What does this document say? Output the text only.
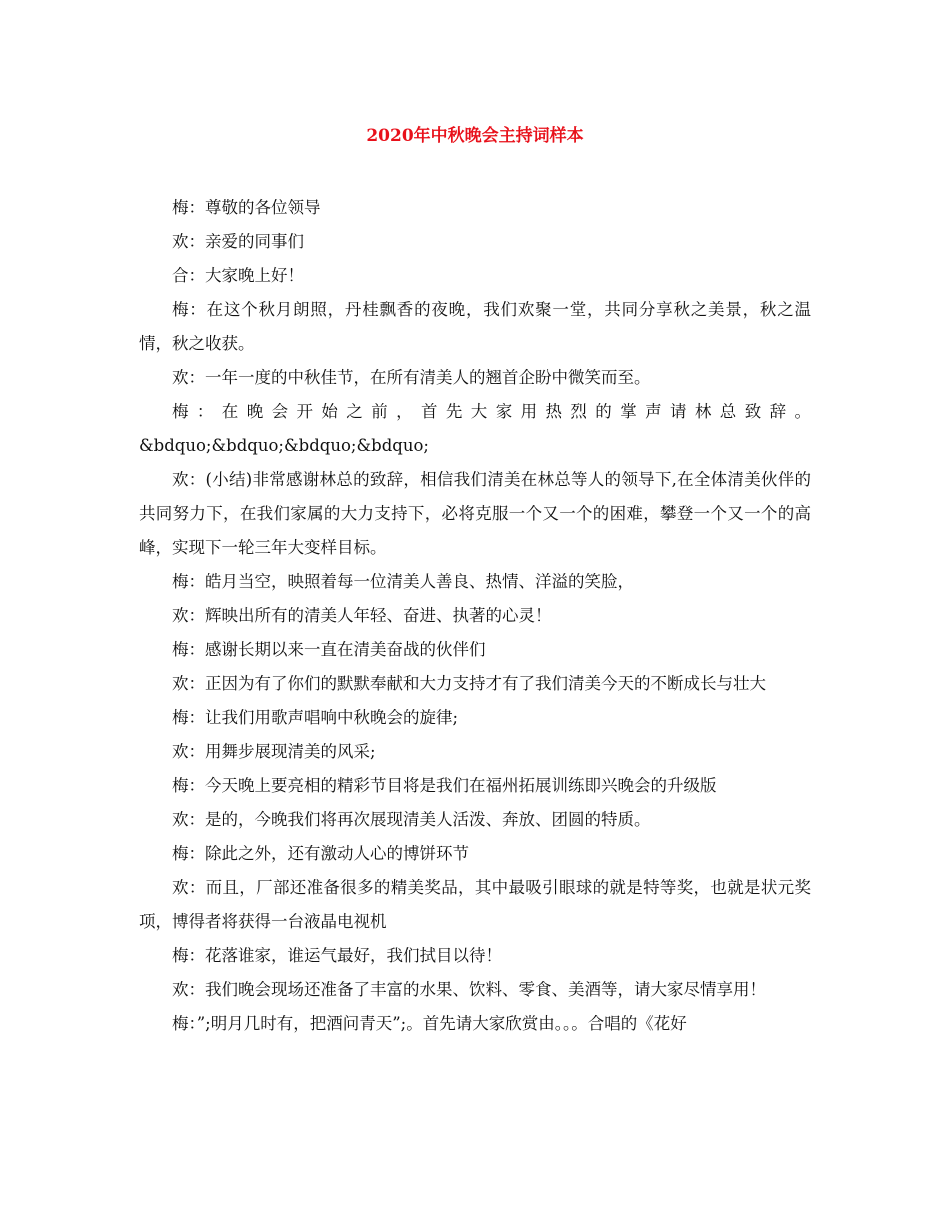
2020年中秋晚会主持词样本

梅：尊敬的各位领导

欢：亲爱的同事们

合：大家晚上好！

梅：在这个秋月朗照，丹桂飘香的夜晚，我们欢聚一堂，共同分享秋之美景，秋之温情，秋之收获。

欢：一年一度的中秋佳节，在所有清美人的翘首企盼中微笑而至。

梅：在晚会开始之前，首先大家用热烈的掌声请林总致辞。&bdquo;&bdquo;&bdquo;&bdquo;

欢：(小结)非常感谢林总的致辞，相信我们清美在林总等人的领导下,在全体清美伙伴的共同努力下，在我们家属的大力支持下，必将克服一个又一个的困难，攀登一个又一个的高峰，实现下一轮三年大变样目标。

梅：皓月当空，映照着每一位清美人善良、热情、洋溢的笑脸，

欢：辉映出所有的清美人年轻、奋进、执著的心灵！

梅：感谢长期以来一直在清美奋战的伙伴们

欢：正因为有了你们的默默奉献和大力支持才有了我们清美今天的不断成长与壮大

梅：让我们用歌声唱响中秋晚会的旋律;

欢：用舞步展现清美的风采;

梅：今天晚上要亮相的精彩节目将是我们在福州拓展训练即兴晚会的升级版

欢：是的，今晚我们将再次展现清美人活泼、奔放、团圆的特质。

梅：除此之外，还有激动人心的博饼环节

欢：而且，厂部还准备很多的精美奖品，其中最吸引眼球的就是特等奖，也就是状元奖项，博得者将获得一台液晶电视机

梅：花落谁家，谁运气最好，我们拭目以待！

欢：我们晚会现场还准备了丰富的水果、饮料、零食、美酒等，请大家尽情享用！

梅：”;明月几时有，把酒问青天”;。首先请大家欣赏由。。。合唱的《花好
